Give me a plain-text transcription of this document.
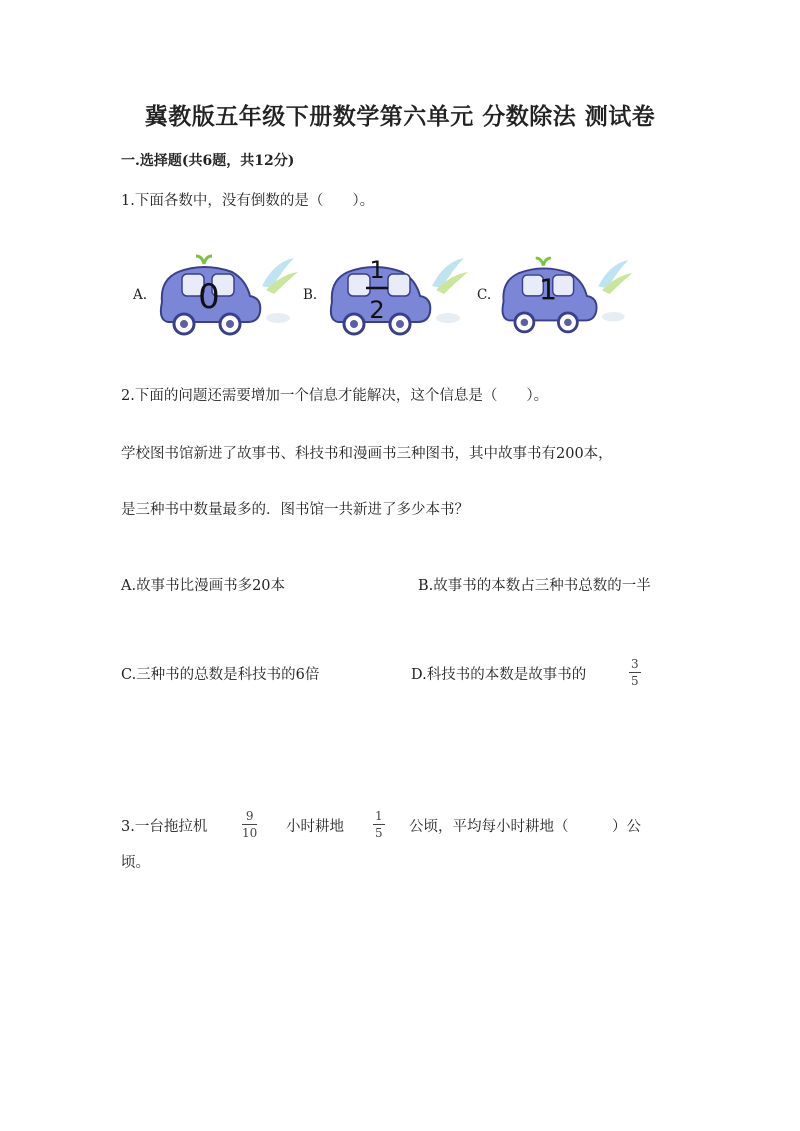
冀教版五年级下册数学第六单元 分数除法 测试卷
一.选择题(共6题，共12分)
1.下面各数中，没有倒数的是（　　）。
A.	B.	C.
0
1
2
1
2.下面的问题还需要增加一个信息才能解决，这个信息是（　　）。
学校图书馆新进了故事书、科技书和漫画书三种图书，其中故事书有200本，
是三种书中数量最多的．图书馆一共新进了多少本书？
A.故事书比漫画书多20本	B.故事书的本数占三种书总数的一半
C.三种书的总数是科技书的6倍	D.科技书的本数是故事书的
3
5
3.一台拖拉机
9
10 小时耕地
1
5 公顷，平均每小时耕地（　　　）公
顷。
